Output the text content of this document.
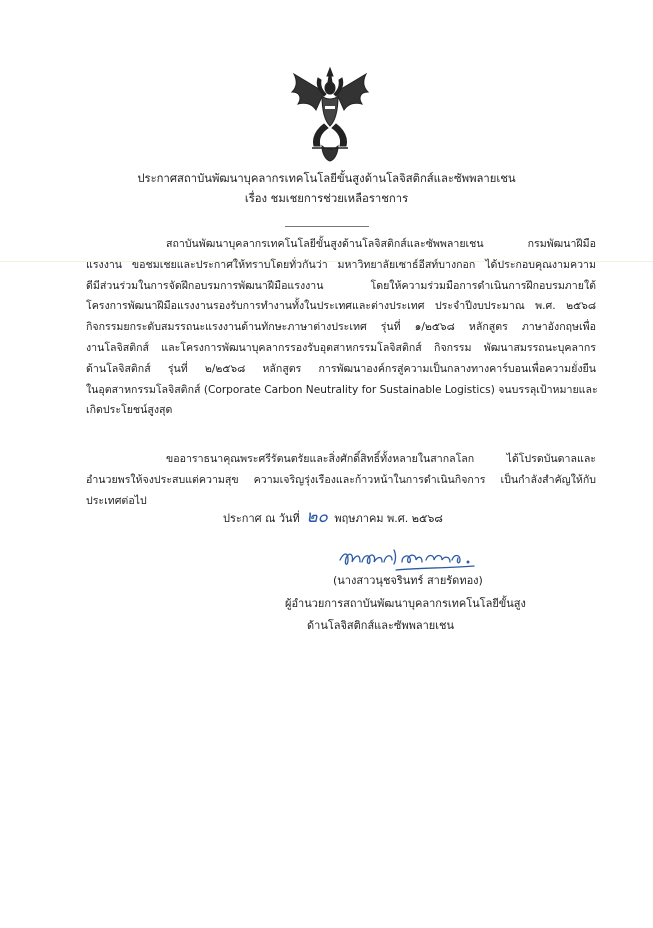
ประกาศสถาบันพัฒนาบุคลากรเทคโนโลยีขั้นสูงด้านโลจิสติกส์และซัพพลายเชน
เรื่อง ชมเชยการช่วยเหลือราชการ
สถาบันพัฒนาบุคลากรเทคโนโลยีขั้นสูงด้านโลจิสติกส์และซัพพลายเชน กรมพัฒนาฝีมือ
แรงงาน ขอชมเชยและประกาศให้ทราบโดยทั่วกันว่า มหาวิทยาลัยเซาธ์อีสท์บางกอก ได้ประกอบคุณงามความ
ดีมีส่วนร่วมในการจัดฝึกอบรมการพัฒนาฝีมือแรงงาน โดยให้ความร่วมมือการดำเนินการฝึกอบรมภายใต้
โครงการพัฒนาฝีมือแรงงานรองรับการทำงานทั้งในประเทศและต่างประเทศ ประจำปีงบประมาณ พ.ศ. ๒๕๖๘
กิจกรรมยกระดับสมรรถนะแรงงานด้านทักษะภาษาต่างประเทศ รุ่นที่ ๑/๒๕๖๘ หลักสูตร ภาษาอังกฤษเพื่อ
งานโลจิสติกส์ และโครงการพัฒนาบุคลากรรองรับอุตสาหกรรมโลจิสติกส์ กิจกรรม พัฒนาสมรรถนะบุคลากร
ด้านโลจิสติกส์ รุ่นที่ ๒/๒๕๖๘ หลักสูตร การพัฒนาองค์กรสู่ความเป็นกลางทางคาร์บอนเพื่อความยั่งยืน
ในอุตสาหกรรมโลจิสติกส์ (Corporate Carbon Neutrality for Sustainable Logistics) จนบรรลุเป้าหมายและ
เกิดประโยชน์สูงสุด
ขออาราธนาคุณพระศรีรัตนตรัยและสิ่งศักดิ์สิทธิ์ทั้งหลายในสากลโลก ได้โปรดบันดาลและ
อำนวยพรให้จงประสบแต่ความสุข ความเจริญรุ่งเรืองและก้าวหน้าในการดำเนินกิจการ เป็นกำลังสำคัญให้กับ
ประเทศต่อไป
ประกาศ ณ วันที่ ๒๐ พฤษภาคม พ.ศ. ๒๕๖๘
(นางสาวนุชจรินทร์ สายรัดทอง)
ผู้อำนวยการสถาบันพัฒนาบุคลากรเทคโนโลยีขั้นสูง
ด้านโลจิสติกส์และซัพพลายเชน
